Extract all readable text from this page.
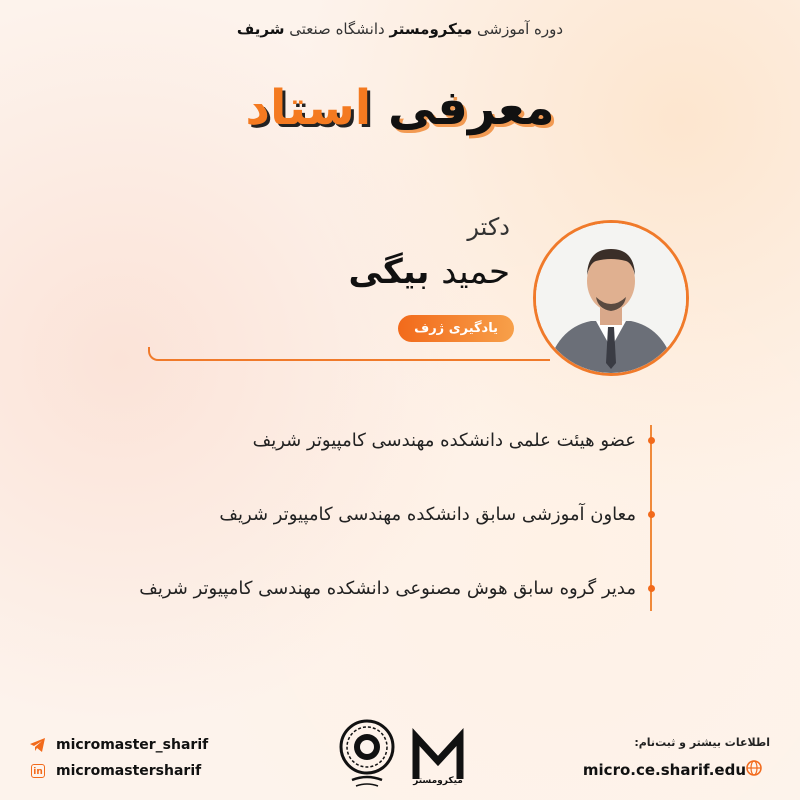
دوره آموزشی میکرومستر دانشگاه صنعتی شریف
معرفی استاد
دکتر
حمید بیگی
یادگیری ژرف
عضو هیئت علمی دانشکده مهندسی کامپیوتر شریف
معاون آموزشی سابق دانشکده مهندسی کامپیوتر شریف
مدیر گروه سابق هوش مصنوعی دانشکده مهندسی کامپیوتر شریف
micromaster_sharif
in micromastersharif
میکرومستر
اطلاعات بیشتر و ثبت‌نام:
micro.ce.sharif.edu
